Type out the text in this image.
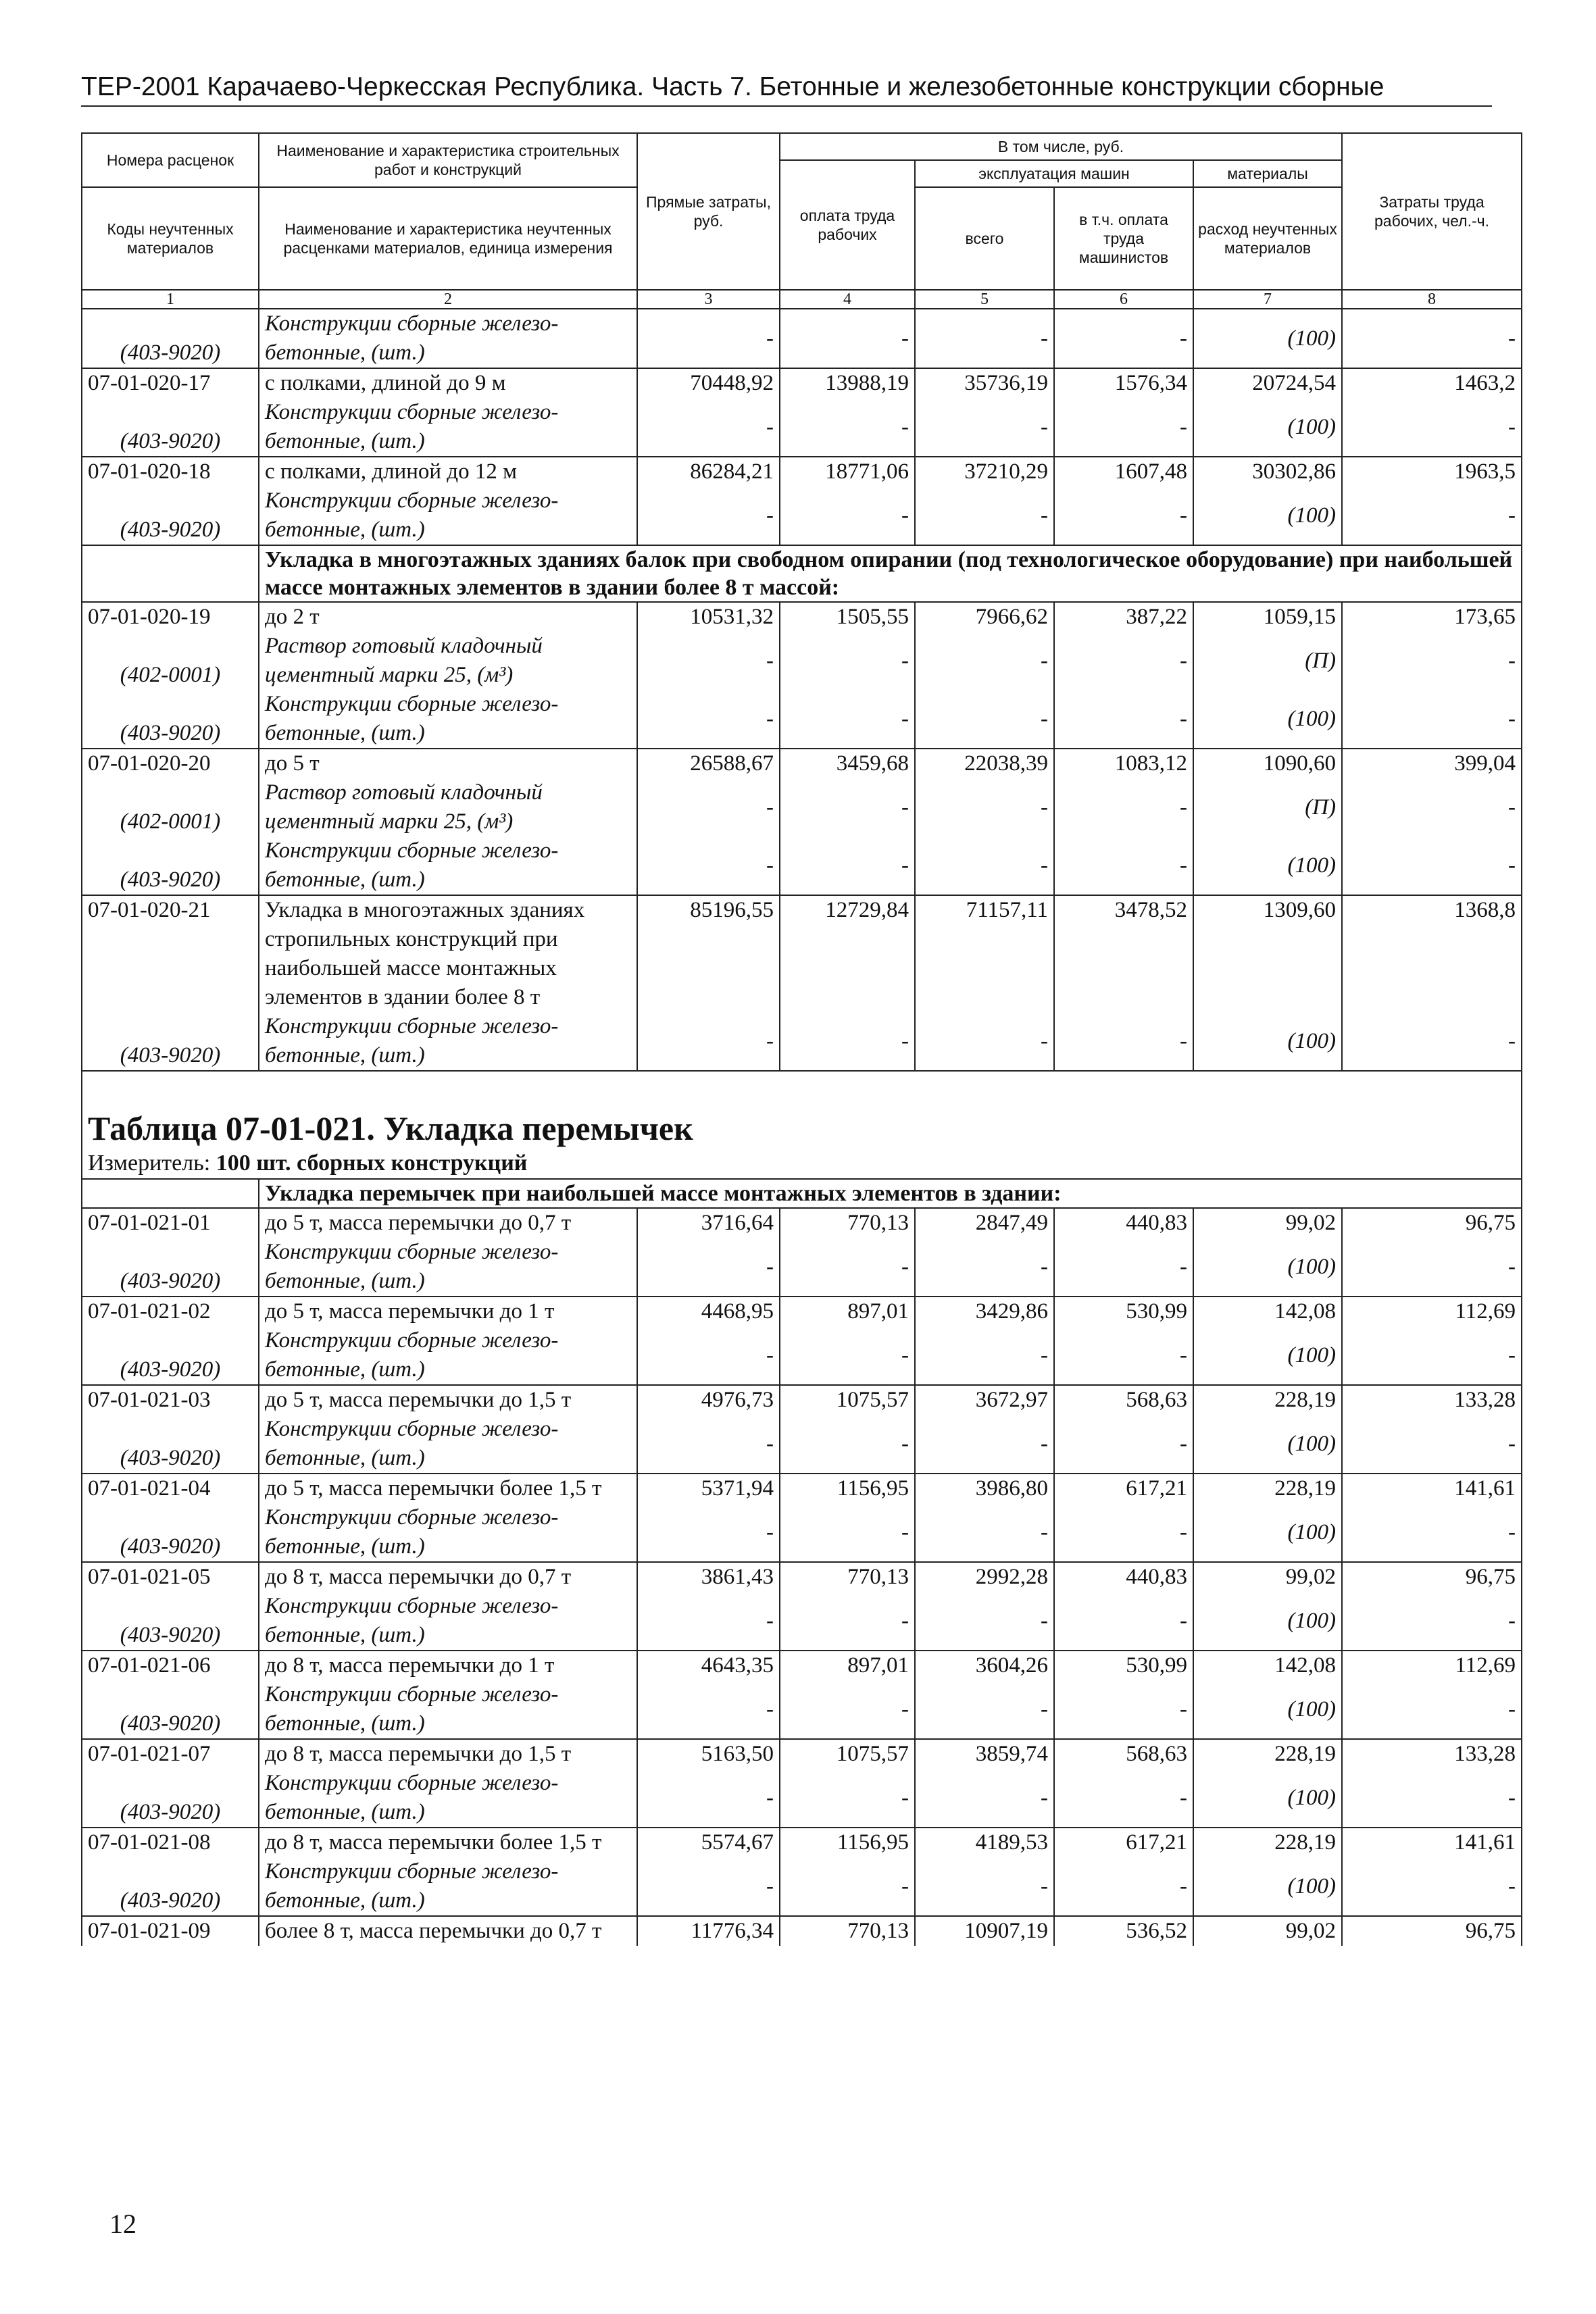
ТЕР-2001 Карачаево-Черкесская Республика. Часть 7. Бетонные и железобетонные конструкции сборные
Номера расценок	Наименование и характеристика строительных работ и конструкций	Прямые затраты, руб.	В том числе, руб.				Затраты труда рабочих, чел.-ч.
			оплата труда рабочих	эксплуатация машин		материалы	
Коды неучтенных материалов	Наименование и характеристика неучтенных расценками материалов, единица измерения			всего	в т.ч. оплата труда машинистов	расход неучтенных материалов	

1	2	3	4	5	6	7	8
(403-9020)	Конструкции сборные железо-бетонные, (шт.)	-	-	-	-	(100)	-
07-01-020-17	с полками, длиной до 9 м	70448,92	13988,19	35736,19	1576,34	20724,54	1463,2
(403-9020)	Конструкции сборные железо-бетонные, (шт.)	-	-	-	-	(100)	-
07-01-020-18	с полками, длиной до 12 м	86284,21	18771,06	37210,29	1607,48	30302,86	1963,5
(403-9020)	Конструкции сборные железо-бетонные, (шт.)	-	-	-	-	(100)	-
	Укладка в многоэтажных зданиях балок при свободном опирании (под технологическое оборудование) при наибольшей массе монтажных элементов в здании более 8 т массой:						
07-01-020-19	до 2 т	10531,32	1505,55	7966,62	387,22	1059,15	173,65
(402-0001)	Раствор готовый кладочный цементный марки 25, (м³)	-	-	-	-	(П)	-
(403-9020)	Конструкции сборные железо-бетонные, (шт.)	-	-	-	-	(100)	-
07-01-020-20	до 5 т	26588,67	3459,68	22038,39	1083,12	1090,60	399,04
(402-0001)	Раствор готовый кладочный цементный марки 25, (м³)	-	-	-	-	(П)	-
(403-9020)	Конструкции сборные железо-бетонные, (шт.)	-	-	-	-	(100)	-
07-01-020-21	Укладка в многоэтажных зданиях стропильных конструкций при наибольшей массе монтажных элементов в здании более 8 т	85196,55	12729,84	71157,11	3478,52	1309,60	1368,8
(403-9020)	Конструкции сборные железо-бетонные, (шт.)	-	-	-	-	(100)	-

Таблица 07-01-021. Укладка перемычек							
Измеритель: 100 шт. сборных конструкций							
	Укладка перемычек при наибольшей массе монтажных элементов в здании:						
07-01-021-01	до 5 т, масса перемычки до 0,7 т	3716,64	770,13	2847,49	440,83	99,02	96,75
(403-9020)	Конструкции сборные железо-бетонные, (шт.)	-	-	-	-	(100)	-
07-01-021-02	до 5 т, масса перемычки до 1 т	4468,95	897,01	3429,86	530,99	142,08	112,69
(403-9020)	Конструкции сборные железо-бетонные, (шт.)	-	-	-	-	(100)	-
07-01-021-03	до 5 т, масса перемычки до 1,5 т	4976,73	1075,57	3672,97	568,63	228,19	133,28
(403-9020)	Конструкции сборные железо-бетонные, (шт.)	-	-	-	-	(100)	-
07-01-021-04	до 5 т, масса перемычки более 1,5 т	5371,94	1156,95	3986,80	617,21	228,19	141,61
(403-9020)	Конструкции сборные железо-бетонные, (шт.)	-	-	-	-	(100)	-
07-01-021-05	до 8 т, масса перемычки до 0,7 т	3861,43	770,13	2992,28	440,83	99,02	96,75
(403-9020)	Конструкции сборные железо-бетонные, (шт.)	-	-	-	-	(100)	-
07-01-021-06	до 8 т, масса перемычки до 1 т	4643,35	897,01	3604,26	530,99	142,08	112,69
(403-9020)	Конструкции сборные железо-бетонные, (шт.)	-	-	-	-	(100)	-
07-01-021-07	до 8 т, масса перемычки до 1,5 т	5163,50	1075,57	3859,74	568,63	228,19	133,28
(403-9020)	Конструкции сборные железо-бетонные, (шт.)	-	-	-	-	(100)	-
07-01-021-08	до 8 т, масса перемычки более 1,5 т	5574,67	1156,95	4189,53	617,21	228,19	141,61
(403-9020)	Конструкции сборные железо-бетонные, (шт.)	-	-	-	-	(100)	-
07-01-021-09	более 8 т, масса перемычки до 0,7 т	11776,34	770,13	10907,19	536,52	99,02	96,75
12
